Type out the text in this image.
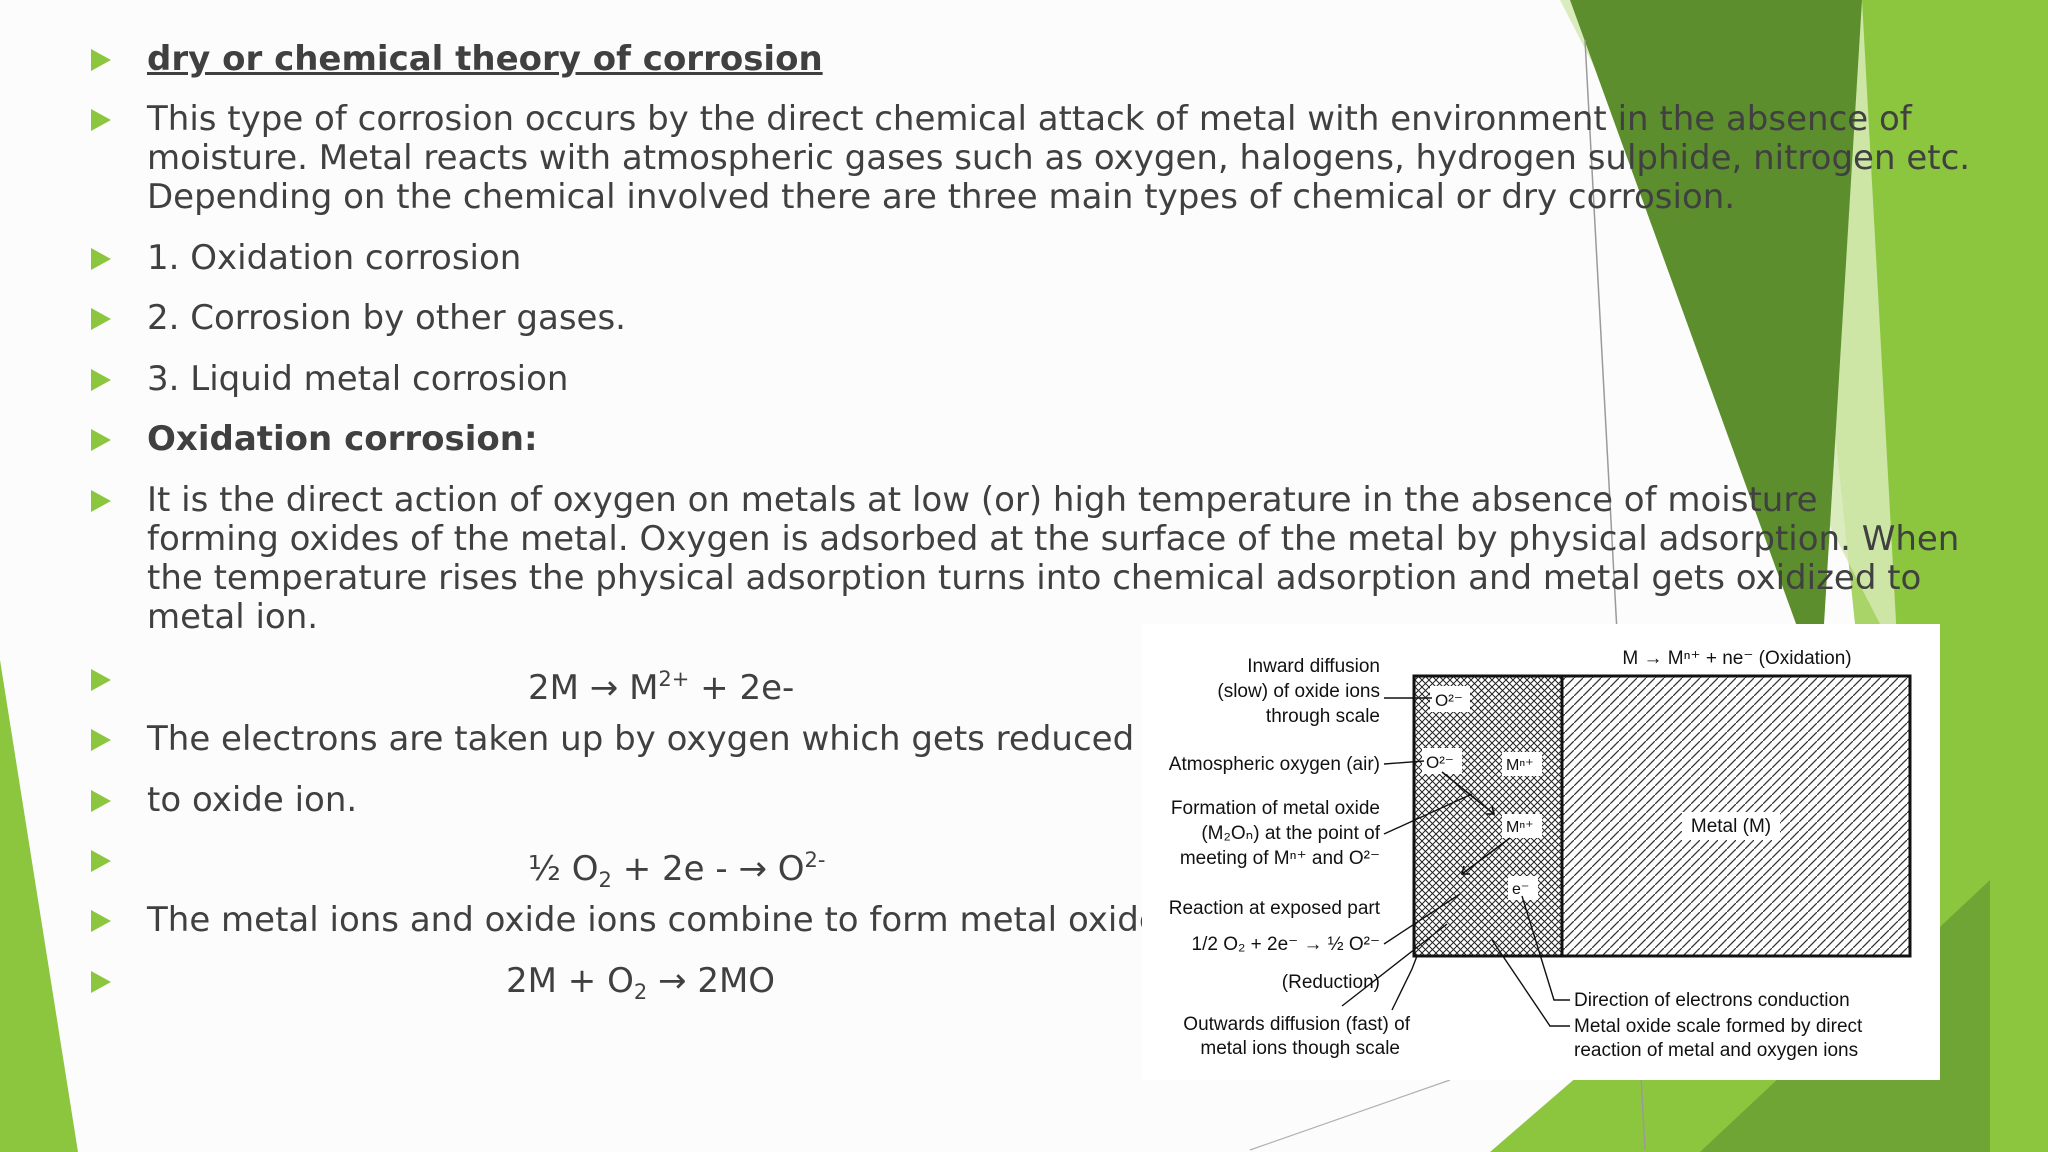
dry or chemical theory of corrosion
This type of corrosion occurs by the direct chemical attack of metal with environment in the absence of
moisture. Metal reacts with atmospheric gases such as oxygen, halogens, hydrogen sulphide, nitrogen etc.
Depending on the chemical involved there are three main types of chemical or dry corrosion.
1. Oxidation corrosion
2. Corrosion by other gases.
3. Liquid metal corrosion
Oxidation corrosion:
It is the direct action of oxygen on metals at low (or) high temperature in the absence of moisture
forming oxides of the metal. Oxygen is adsorbed at the surface of the metal by physical adsorption. When
the temperature rises the physical adsorption turns into chemical adsorption and metal gets oxidized to
metal ion.
$2M \to M^{2+} + 2e-$
The electrons are taken up by oxygen which gets reduced
to oxide ion.
½ $O_2 + 2e$ - → $O^{2-}$
The metal ions and oxide ions combine to form metal oxide.
$2M + O_2 \to 2MO$
Metal (M)
O²⁻
O²⁻	Mⁿ⁺
Mⁿ⁺
e⁻
M → Mⁿ⁺ + ne⁻ (Oxidation)
Inward diffusion
(slow) of oxide ions
through scale
Atmospheric oxygen (air)
Formation of metal oxide
(M₂Oₙ) at the point of
meeting of Mⁿ⁺ and O²⁻
Reaction at exposed part
1/2 O₂ + 2e⁻ → ½ O²⁻
(Reduction)
Outwards diffusion (fast) of
metal ions though scale
Direction of electrons conduction
Metal oxide scale formed by direct
reaction of metal and oxygen ions
